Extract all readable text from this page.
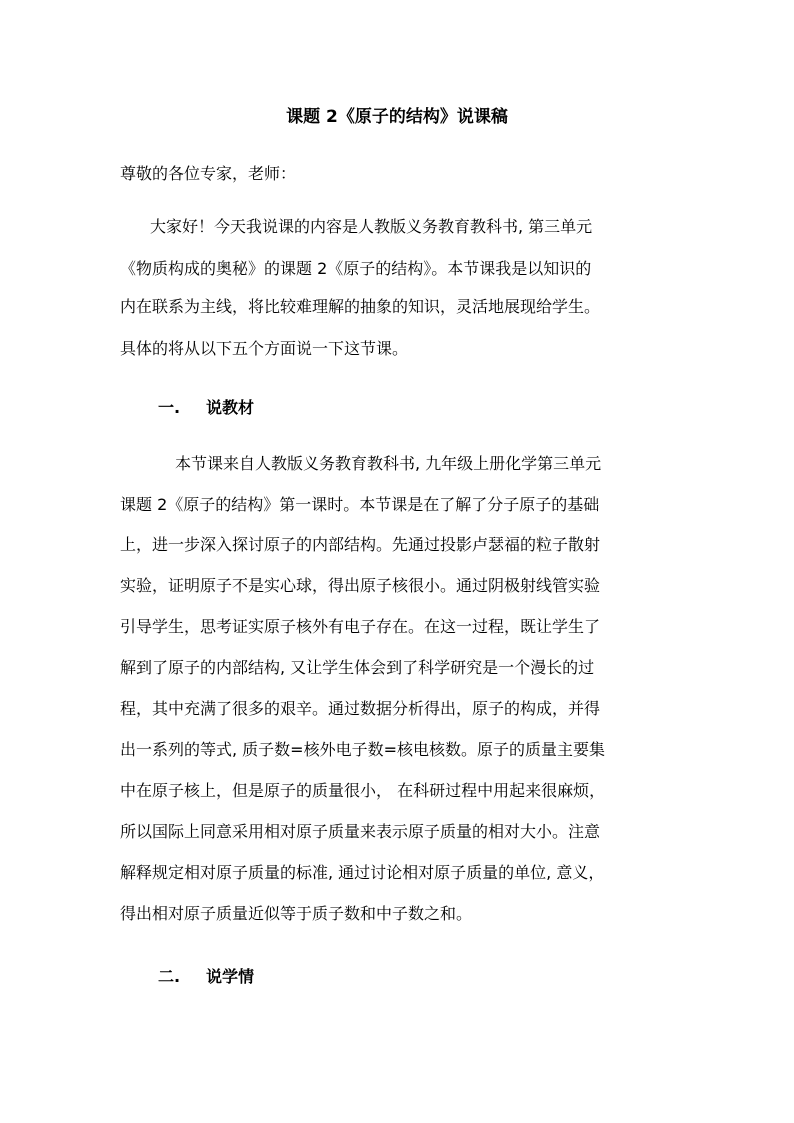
课题 2《原子的结构》说课稿
尊敬的各位专家，老师：
大家好！今天我说课的内容是人教版义务教育教科书, 第三单元
《物质构成的奥秘》的课题 2《原子的结构》。本节课我是以知识的
内在联系为主线，将比较难理解的抽象的知识，灵活地展现给学生。
具体的将从以下五个方面说一下这节课。
一. 说教材
本节课来自人教版义务教育教科书, 九年级上册化学第三单元
课题 2《原子的结构》第一课时。本节课是在了解了分子原子的基础
上，进一步深入探讨原子的内部结构。先通过投影卢瑟福的粒子散射
实验，证明原子不是实心球，得出原子核很小。通过阴极射线管实验
引导学生，思考证实原子核外有电子存在。在这一过程，既让学生了
解到了原子的内部结构, 又让学生体会到了科学研究是一个漫长的过
程，其中充满了很多的艰辛。通过数据分析得出，原子的构成，并得
出一系列的等式, 质子数=核外电子数=核电核数。原子的质量主要集
中在原子核上，但是原子的质量很小， 在科研过程中用起来很麻烦，
所以国际上同意采用相对原子质量来表示原子质量的相对大小。注意
解释规定相对原子质量的标准, 通过讨论相对原子质量的单位, 意义，
得出相对原子质量近似等于质子数和中子数之和。
二. 说学情
